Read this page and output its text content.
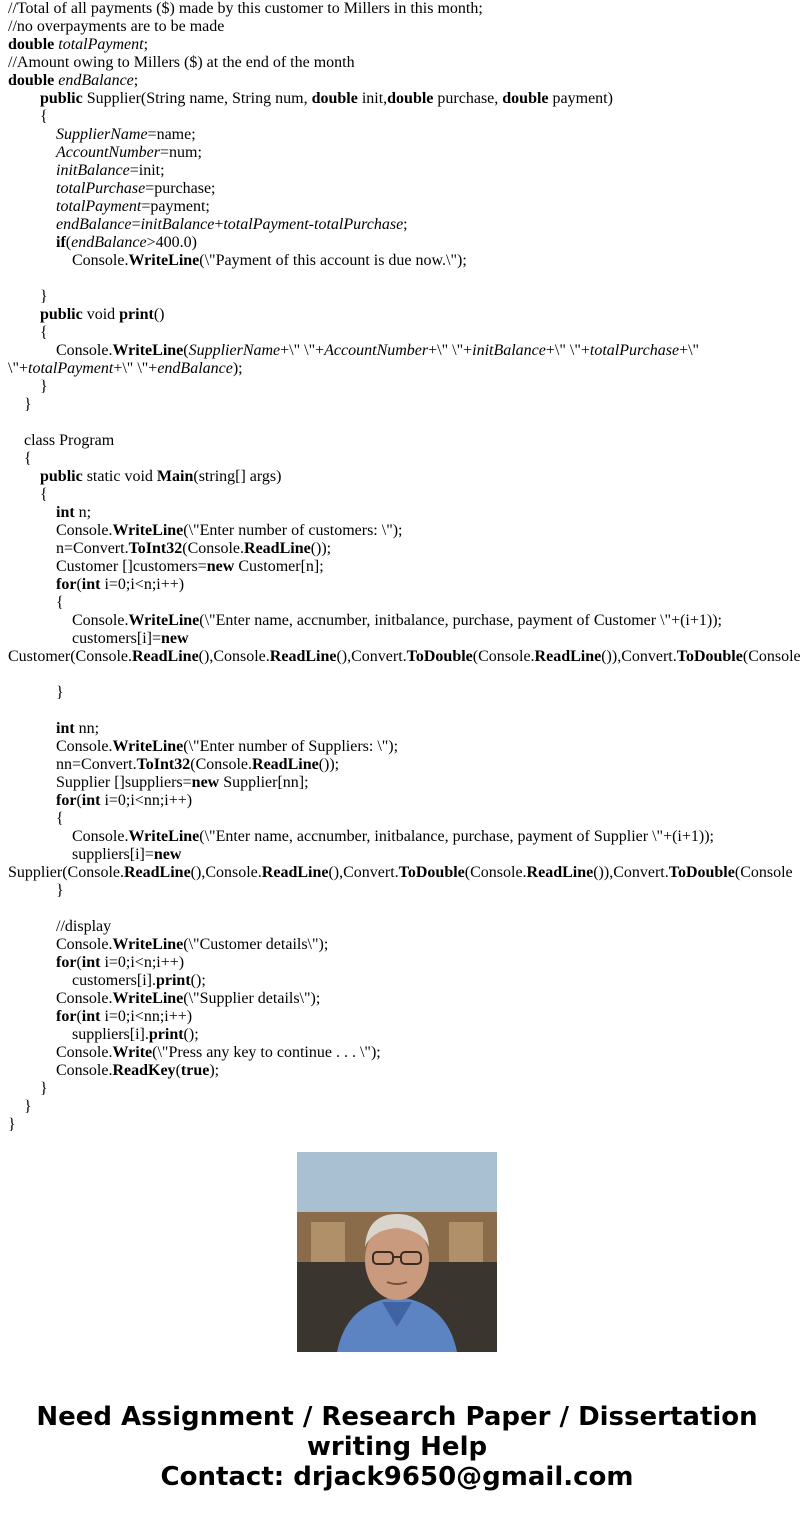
//Total of all payments ($) made by this customer to Millers in this month;
//no overpayments are to be made
double totalPayment;
//Amount owing to Millers ($) at the end of the month
double endBalance;
public Supplier(String name, String num, double init,double purchase, double payment)
{
SupplierName=name;
AccountNumber=num;
initBalance=init;
totalPurchase=purchase;
totalPayment=payment;
endBalance=initBalance+totalPayment-totalPurchase;
if(endBalance>400.0)
Console.WriteLine(\"Payment of this account is due now.\");

}
public void print()
{
Console.WriteLine(SupplierName+\" \"+AccountNumber+\" \"+initBalance+\" \"+totalPurchase+\"
\"+totalPayment+\" \"+endBalance);
}
}

class Program
{
public static void Main(string[] args)
{
int n;
Console.WriteLine(\"Enter number of customers: \");
n=Convert.ToInt32(Console.ReadLine());
Customer []customers=new Customer[n];
for(int i=0;i<n;i++)
{
Console.WriteLine(\"Enter name, accnumber, initbalance, purchase, payment of Customer \"+(i+1));
customers[i]=new
Customer(Console.ReadLine(),Console.ReadLine(),Convert.ToDouble(Console.ReadLine()),Convert.ToDouble(Console

}

int nn;
Console.WriteLine(\"Enter number of Suppliers: \");
nn=Convert.ToInt32(Console.ReadLine());
Supplier []suppliers=new Supplier[nn];
for(int i=0;i<nn;i++)
{
Console.WriteLine(\"Enter name, accnumber, initbalance, purchase, payment of Supplier \"+(i+1));
suppliers[i]=new
Supplier(Console.ReadLine(),Console.ReadLine(),Convert.ToDouble(Console.ReadLine()),Convert.ToDouble(Console
}

//display
Console.WriteLine(\"Customer details\");
for(int i=0;i<n;i++)
customers[i].print();
Console.WriteLine(\"Supplier details\");
for(int i=0;i<nn;i++)
suppliers[i].print();
Console.Write(\"Press any key to continue . . . \");
Console.ReadKey(true);
}
}
}
Need Assignment / Research Paper / Dissertation
writing Help
Contact: drjack9650@gmail.com
